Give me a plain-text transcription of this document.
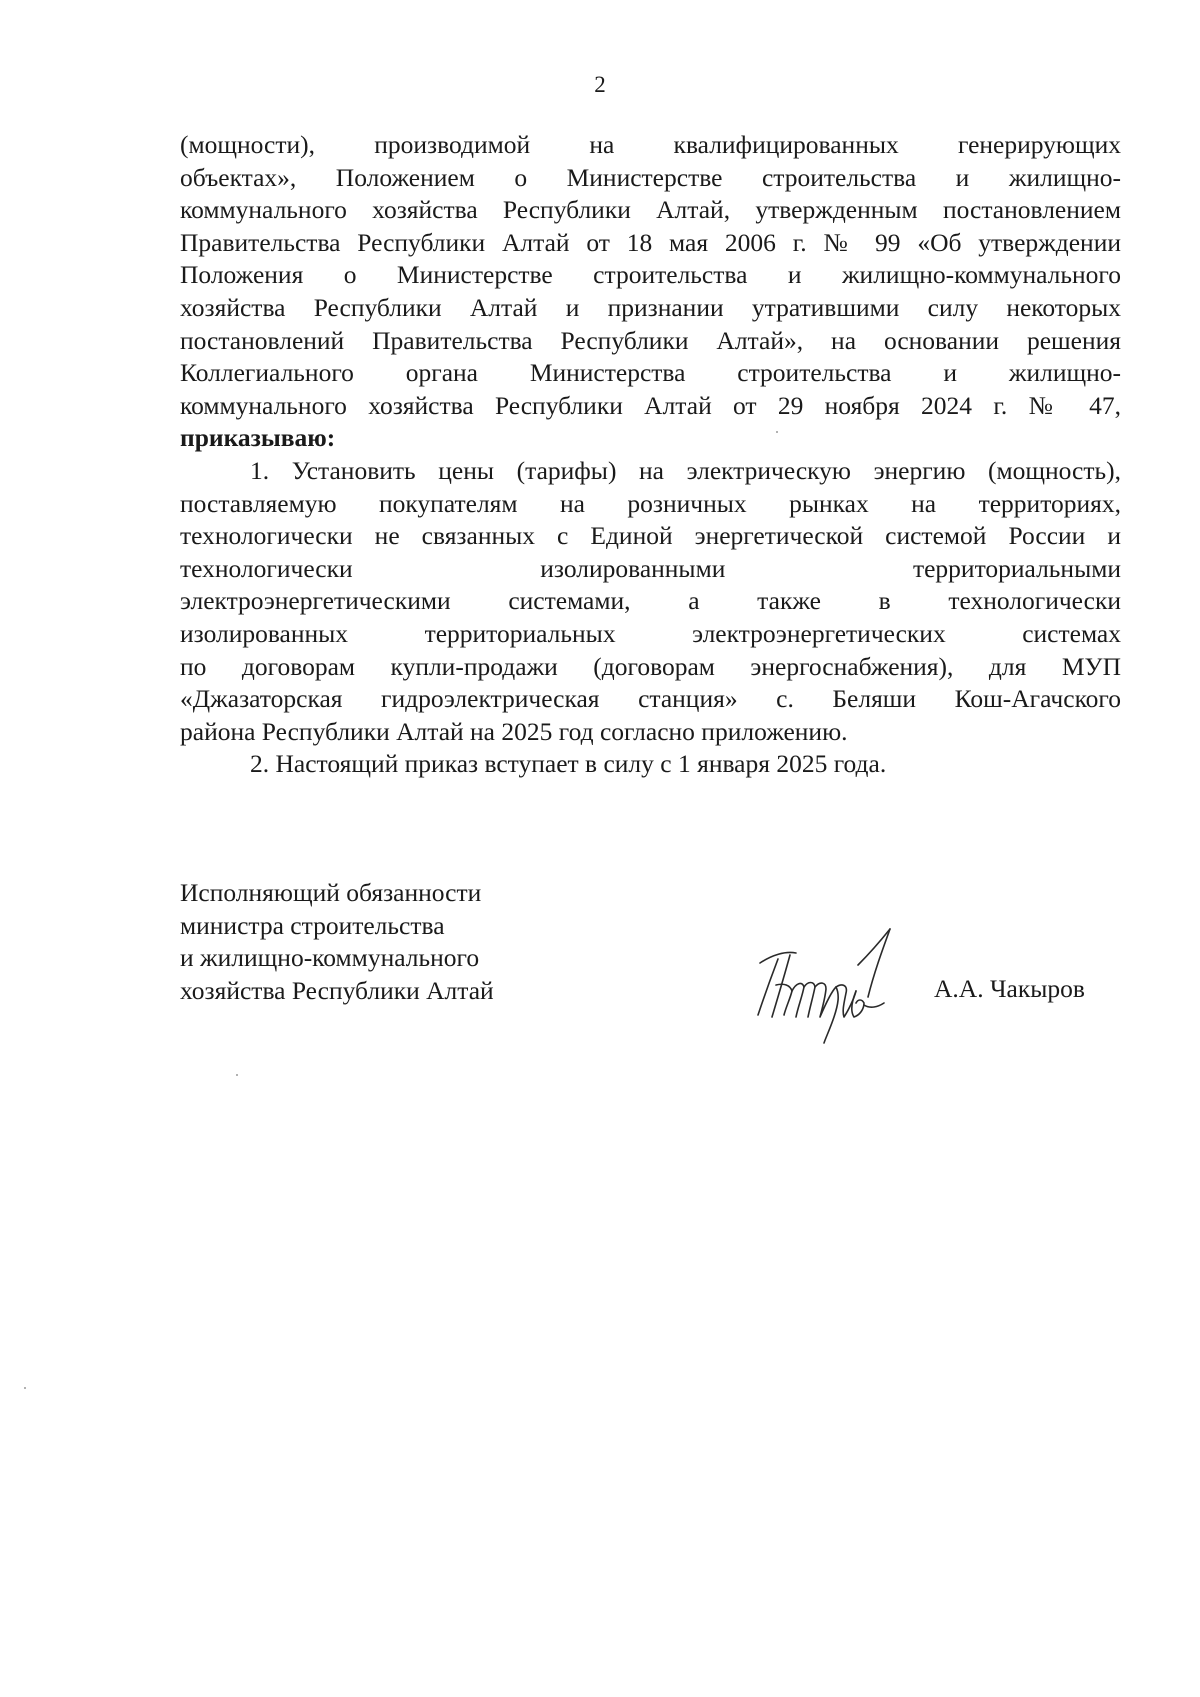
2

(мощности), производимой на квалифицированных генерирующих

объектах», Положением о Министерстве строительства и жилищно-

коммунального хозяйства Республики Алтай, утвержденным постановлением

Правительства Республики Алтай от 18 мая 2006 г. № 99 «Об утверждении

Положения о Министерстве строительства и жилищно-коммунального

хозяйства Республики Алтай и признании утратившими силу некоторых

постановлений Правительства Республики Алтай», на основании решения

Коллегиального органа Министерства строительства и жилищно-

коммунального хозяйства Республики Алтай от 29 ноября 2024 г. № 47,

приказываю:

1. Установить цены (тарифы) на электрическую энергию (мощность),

поставляемую покупателям на розничных рынках на территориях,

технологически не связанных с Единой энергетической системой России и

технологически изолированными территориальными

электроэнергетическими системами, а также в технологически

изолированных территориальных электроэнергетических системах

по договорам купли-продажи (договорам энергоснабжения), для МУП

«Джазаторская гидроэлектрическая станция» с. Беляши Кош-Агачского

района Республики Алтай на 2025 год согласно приложению.

2. Настоящий приказ вступает в силу с 1 января 2025 года.

Исполняющий обязанности
министра строительства
и жилищно-коммунального
хозяйства Республики Алтай	А.А. Чакыров
